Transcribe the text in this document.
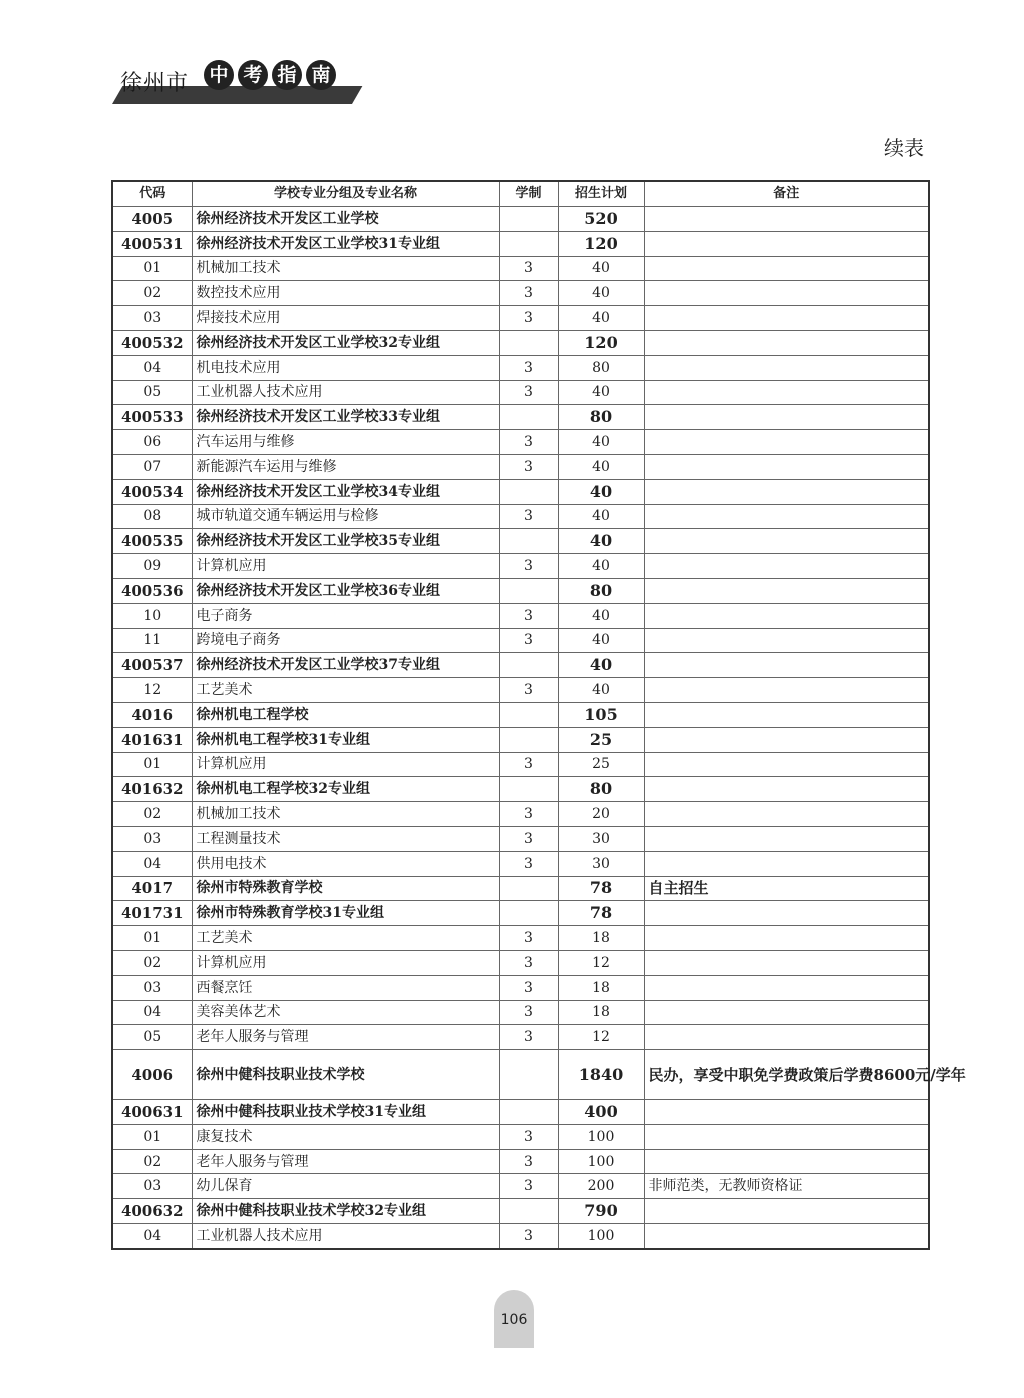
徐州市 中 考 指 南
续表
代码	学校专业分组及专业名称	学制	招生计划	备注
4005	徐州经济技术开发区工业学校		520	
400531	徐州经济技术开发区工业学校31专业组		120	
01	机械加工技术	3	40	
02	数控技术应用	3	40	
03	焊接技术应用	3	40	
400532	徐州经济技术开发区工业学校32专业组		120	
04	机电技术应用	3	80	
05	工业机器人技术应用	3	40	
400533	徐州经济技术开发区工业学校33专业组		80	
06	汽车运用与维修	3	40	
07	新能源汽车运用与维修	3	40	
400534	徐州经济技术开发区工业学校34专业组		40	
08	城市轨道交通车辆运用与检修	3	40	
400535	徐州经济技术开发区工业学校35专业组		40	
09	计算机应用	3	40	
400536	徐州经济技术开发区工业学校36专业组		80	
10	电子商务	3	40	
11	跨境电子商务	3	40	
400537	徐州经济技术开发区工业学校37专业组		40	
12	工艺美术	3	40	
4016	徐州机电工程学校		105	
401631	徐州机电工程学校31专业组		25	
01	计算机应用	3	25	
401632	徐州机电工程学校32专业组		80	
02	机械加工技术	3	20	
03	工程测量技术	3	30	
04	供用电技术	3	30	
4017	徐州市特殊教育学校		78	自主招生
401731	徐州市特殊教育学校31专业组		78	
01	工艺美术	3	18	
02	计算机应用	3	12	
03	西餐烹饪	3	18	
04	美容美体艺术	3	18	
05	老年人服务与管理	3	12	
4006	徐州中健科技职业技术学校		1840	民办，享受中职免学费政策后学费8600元/学年
400631	徐州中健科技职业技术学校31专业组		400	
01	康复技术	3	100	
02	老年人服务与管理	3	100	
03	幼儿保育	3	200	非师范类，无教师资格证
400632	徐州中健科技职业技术学校32专业组		790	
04	工业机器人技术应用	3	100	
106
